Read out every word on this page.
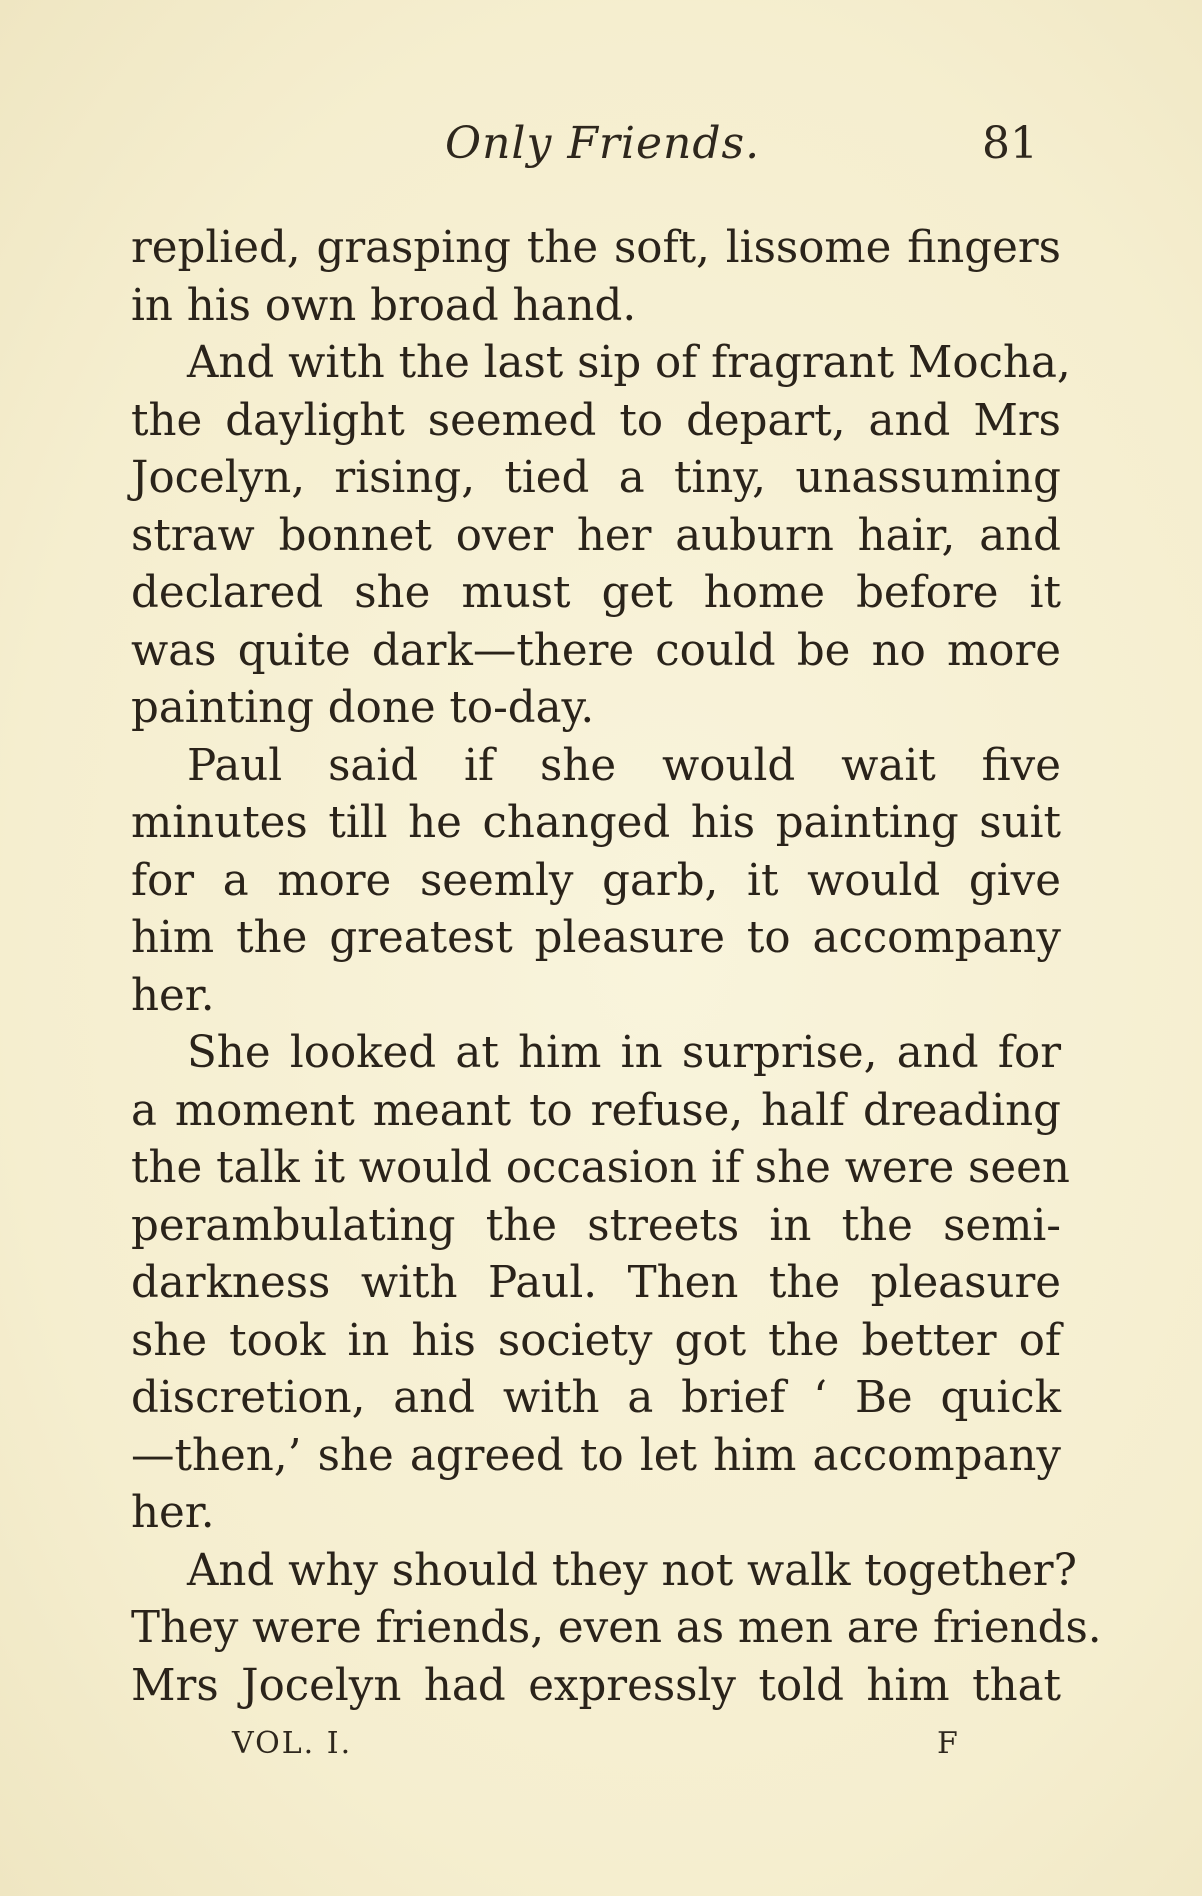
Only Friends.	81
replied, grasping the soft, lissome fingers
in his own broad hand.
And with the last sip of fragrant Mocha,
the daylight seemed to depart, and Mrs
Jocelyn, rising, tied a tiny, unassuming
straw bonnet over her auburn hair, and
declared she must get home before it
was quite dark—there could be no more
painting done to-day.
Paul said if she would wait five
minutes till he changed his painting suit
for a more seemly garb, it would give
him the greatest pleasure to accompany
her.
She looked at him in surprise, and for
a moment meant to refuse, half dreading
the talk it would occasion if she were seen
perambulating the streets in the semi-
darkness with Paul. Then the pleasure
she took in his society got the better of
discretion, and with a brief ‘ Be quick
—then,’ she agreed to let him accompany
her.
And why should they not walk together?
They were friends, even as men are friends.
Mrs Jocelyn had expressly told him that
VOL. I.	F
